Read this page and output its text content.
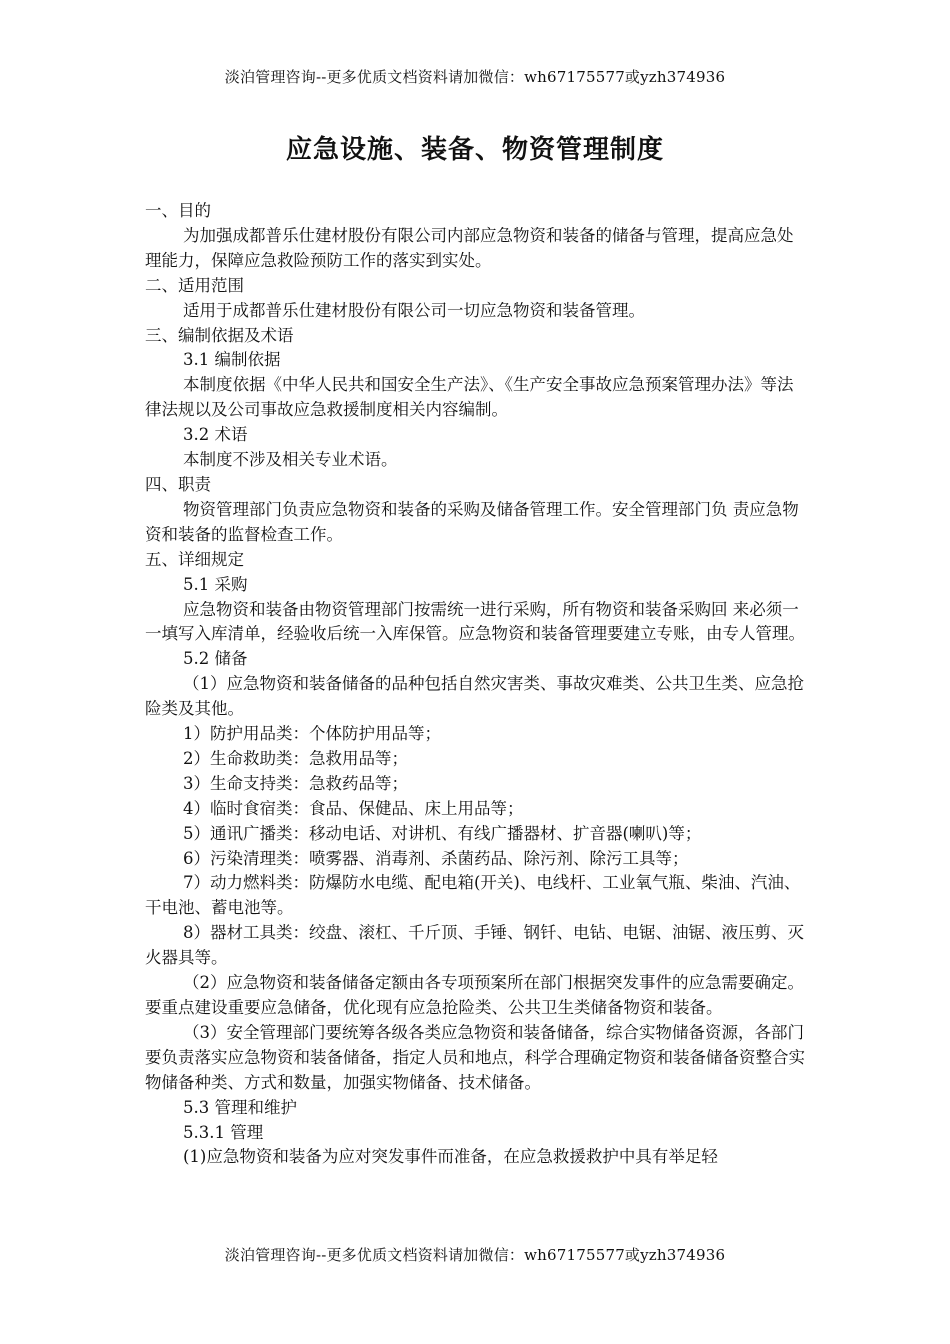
淡泊管理咨询--更多优质文档资料请加微信：wh67175577或yzh374936
应急设施、装备、物资管理制度

一、目的

为加强成都普乐仕建材股份有限公司内部应急物资和装备的储备与管理，提高应急处理能力，保障应急救险预防工作的落实到实处。

二、适用范围

适用于成都普乐仕建材股份有限公司一切应急物资和装备管理。

三、编制依据及术语

3.1 编制依据

本制度依据《中华人民共和国安全生产法》、《生产安全事故应急预案管理办法》等法律法规以及公司事故应急救援制度相关内容编制。

3.2 术语

本制度不涉及相关专业术语。

四、职责

物资管理部门负责应急物资和装备的采购及储备管理工作。安全管理部门负 责应急物资和装备的监督检查工作。

五、详细规定

5.1 采购

应急物资和装备由物资管理部门按需统一进行采购，所有物资和装备采购回 来必须一一填写入库清单，经验收后统一入库保管。应急物资和装备管理要建立专账，由专人管理。

5.2 储备

（1）应急物资和装备储备的品种包括自然灾害类、事故灾难类、公共卫生类、应急抢险类及其他。

1）防护用品类：个体防护用品等；

2）生命救助类：急救用品等；

3）生命支持类：急救药品等；

4）临时食宿类：食品、保健品、床上用品等；

5）通讯广播类：移动电话、对讲机、有线广播器材、扩音器(喇叭)等；

6）污染清理类：喷雾器、消毒剂、杀菌药品、除污剂、除污工具等；

7）动力燃料类：防爆防水电缆、配电箱(开关)、电线杆、工业氧气瓶、柴油、汽油、干电池、蓄电池等。

8）器材工具类：绞盘、滚杠、千斤顶、手锤、钢钎、电钻、电锯、油锯、液压剪、灭火器具等。

（2）应急物资和装备储备定额由各专项预案所在部门根据突发事件的应急需要确定。要重点建设重要应急储备，优化现有应急抢险类、公共卫生类储备物资和装备。

（3）安全管理部门要统筹各级各类应急物资和装备储备，综合实物储备资源，各部门要负责落实应急物资和装备储备，指定人员和地点，科学合理确定物资和装备储备资整合实物储备种类、方式和数量，加强实物储备、技术储备。

5.3 管理和维护

5.3.1 管理

(1)应急物资和装备为应对突发事件而准备，在应急救援救护中具有举足轻

淡泊管理咨询--更多优质文档资料请加微信：wh67175577或yzh374936
